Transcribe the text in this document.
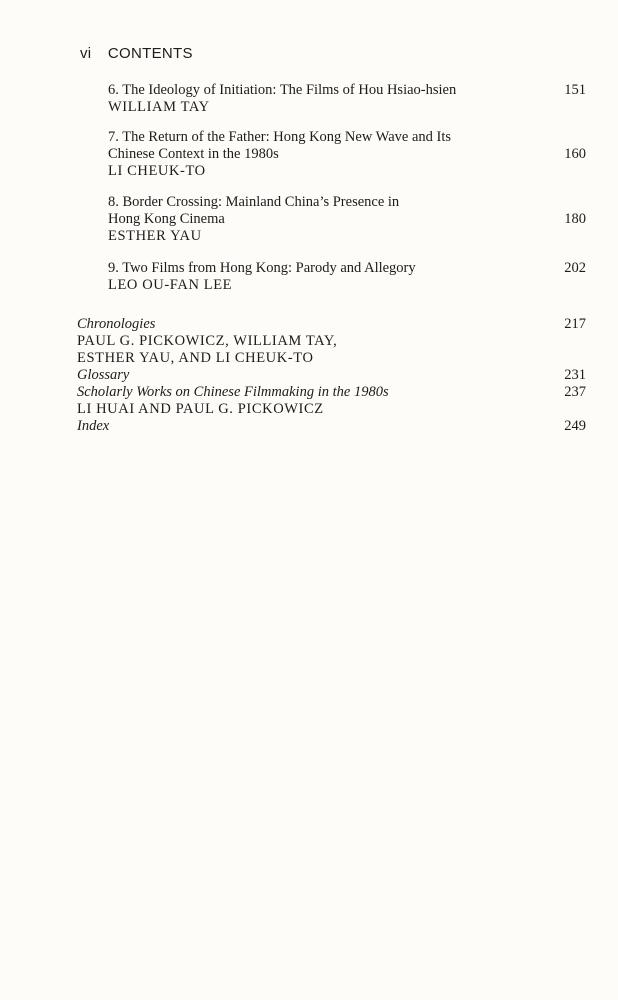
vi CONTENTS
6. The Ideology of Initiation: The Films of Hou Hsiao-hsien	151
WILLIAM TAY
7. The Return of the Father: Hong Kong New Wave and Its
Chinese Context in the 1980s	160
LI CHEUK-TO
8. Border Crossing: Mainland China’s Presence in
Hong Kong Cinema	180
ESTHER YAU
9. Two Films from Hong Kong: Parody and Allegory	202
LEO OU-FAN LEE
Chronologies	217
PAUL G. PICKOWICZ, WILLIAM TAY,
ESTHER YAU, AND LI CHEUK-TO
Glossary	231
Scholarly Works on Chinese Filmmaking in the 1980s	237
LI HUAI AND PAUL G. PICKOWICZ
Index	249
